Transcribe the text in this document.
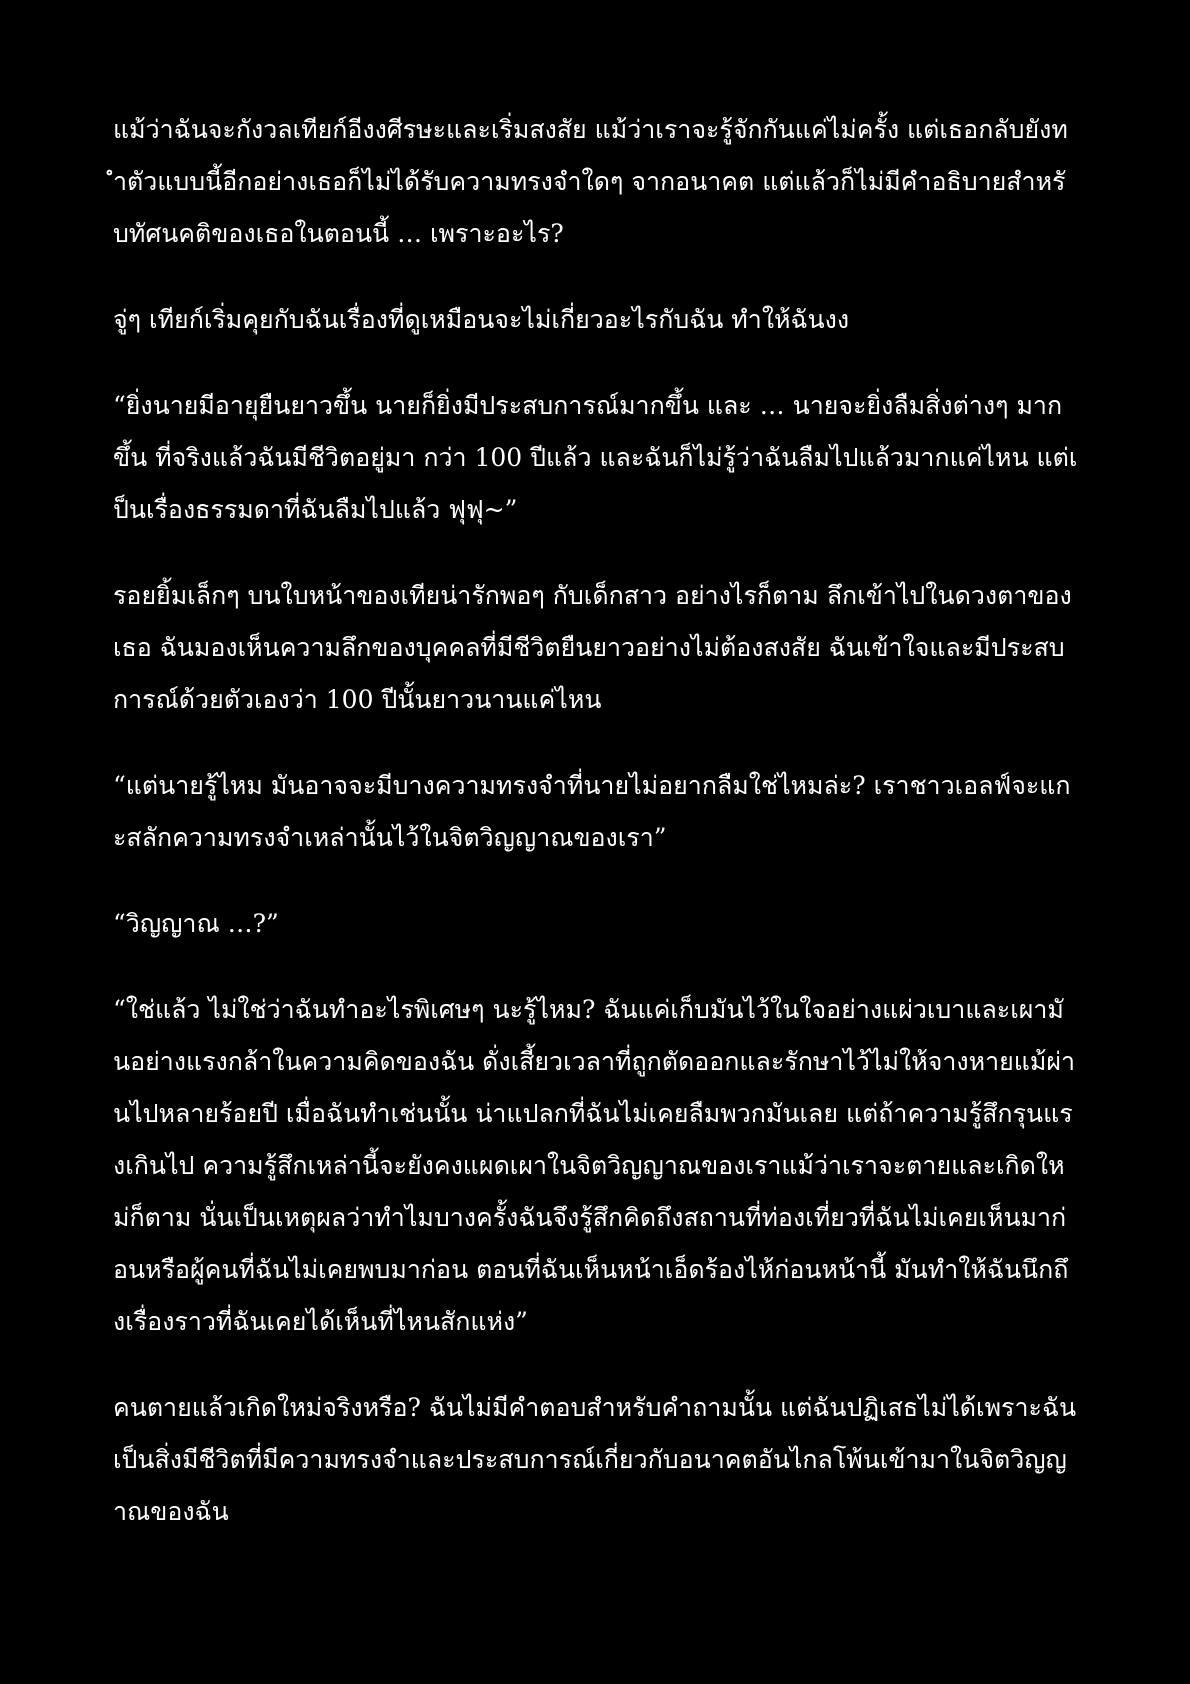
แม้ว่าฉันจะกังวลเทียก์อีงงศีรษะและเริ่มสงสัย แม้ว่าเราจะรู้จักกันแค่ไม่ครั้ง แต่เธอกลับยังทำตัวแบบนี้อีกอย่างเธอก็ไม่ได้รับความทรงจำใดๆ จากอนาคต แต่แล้วก็ไม่มีคำอธิบายสำหรับทัศนคติของเธอในตอนนี้ … เพราะอะไร?

จู่ๆ เทียก์เริ่มคุยกับฉันเรื่องที่ดูเหมือนจะไม่เกี่ยวอะไรกับฉัน ทำให้ฉันงง

“ยิ่งนายมีอายุยืนยาวขึ้น นายก็ยิ่งมีประสบการณ์มากขึ้น และ … นายจะยิ่งลืมสิ่งต่างๆ มากขึ้น ที่จริงแล้วฉันมีชีวิตอยู่มา กว่า 100 ปีแล้ว และฉันก็ไม่รู้ว่าฉันลืมไปแล้วมากแค่ไหน แต่เป็นเรื่องธรรมดาที่ฉันลืมไปแล้ว ฟุฟุ~”

รอยยิ้มเล็กๆ บนใบหน้าของเทียน่ารักพอๆ กับเด็กสาว อย่างไรก็ตาม ลึกเข้าไปในดวงตาของเธอ ฉันมองเห็นความลึกของบุคคลที่มีชีวิตยืนยาวอย่างไม่ต้องสงสัย ฉันเข้าใจและมีประสบการณ์ด้วยตัวเองว่า 100 ปีนั้นยาวนานแค่ไหน

“แต่นายรู้ไหม มันอาจจะมีบางความทรงจำที่นายไม่อยากลืมใช่ไหมล่ะ? เราชาวเอลฟ์จะแกะสลักความทรงจำเหล่านั้นไว้ในจิตวิญญาณของเรา”

“วิญญาณ …?”

“ใช่แล้ว ไม่ใช่ว่าฉันทำอะไรพิเศษๆ นะรู้ไหม? ฉันแค่เก็บมันไว้ในใจอย่างแผ่วเบาและเผามันอย่างแรงกล้าในความคิดของฉัน ดั่งเสี้ยวเวลาที่ถูกตัดออกและรักษาไว้ไม่ให้จางหายแม้ผ่านไปหลายร้อยปี เมื่อฉันทำเช่นนั้น น่าแปลกที่ฉันไม่เคยลืมพวกมันเลย แต่ถ้าความรู้สึกรุนแรงเกินไป ความรู้สึกเหล่านี้จะยังคงแผดเผาในจิตวิญญาณของเราแม้ว่าเราจะตายและเกิดใหม่ก็ตาม นั่นเป็นเหตุผลว่าทำไมบางครั้งฉันจึงรู้สึกคิดถึงสถานที่ท่องเที่ยวที่ฉันไม่เคยเห็นมาก่อนหรือผู้คนที่ฉันไม่เคยพบมาก่อน ตอนที่ฉันเห็นหน้าเอ็ดร้องไห้ก่อนหน้านี้ มันทำให้ฉันนึกถึงเรื่องราวที่ฉันเคยได้เห็นที่ไหนสักแห่ง”

คนตายแล้วเกิดใหม่จริงหรือ? ฉันไม่มีคำตอบสำหรับคำถามนั้น แต่ฉันปฏิเสธไม่ได้เพราะฉันเป็นสิ่งมีชีวิตที่มีความทรงจำและประสบการณ์เกี่ยวกับอนาคตอันไกลโพ้นเข้ามาในจิตวิญญาณของฉัน
